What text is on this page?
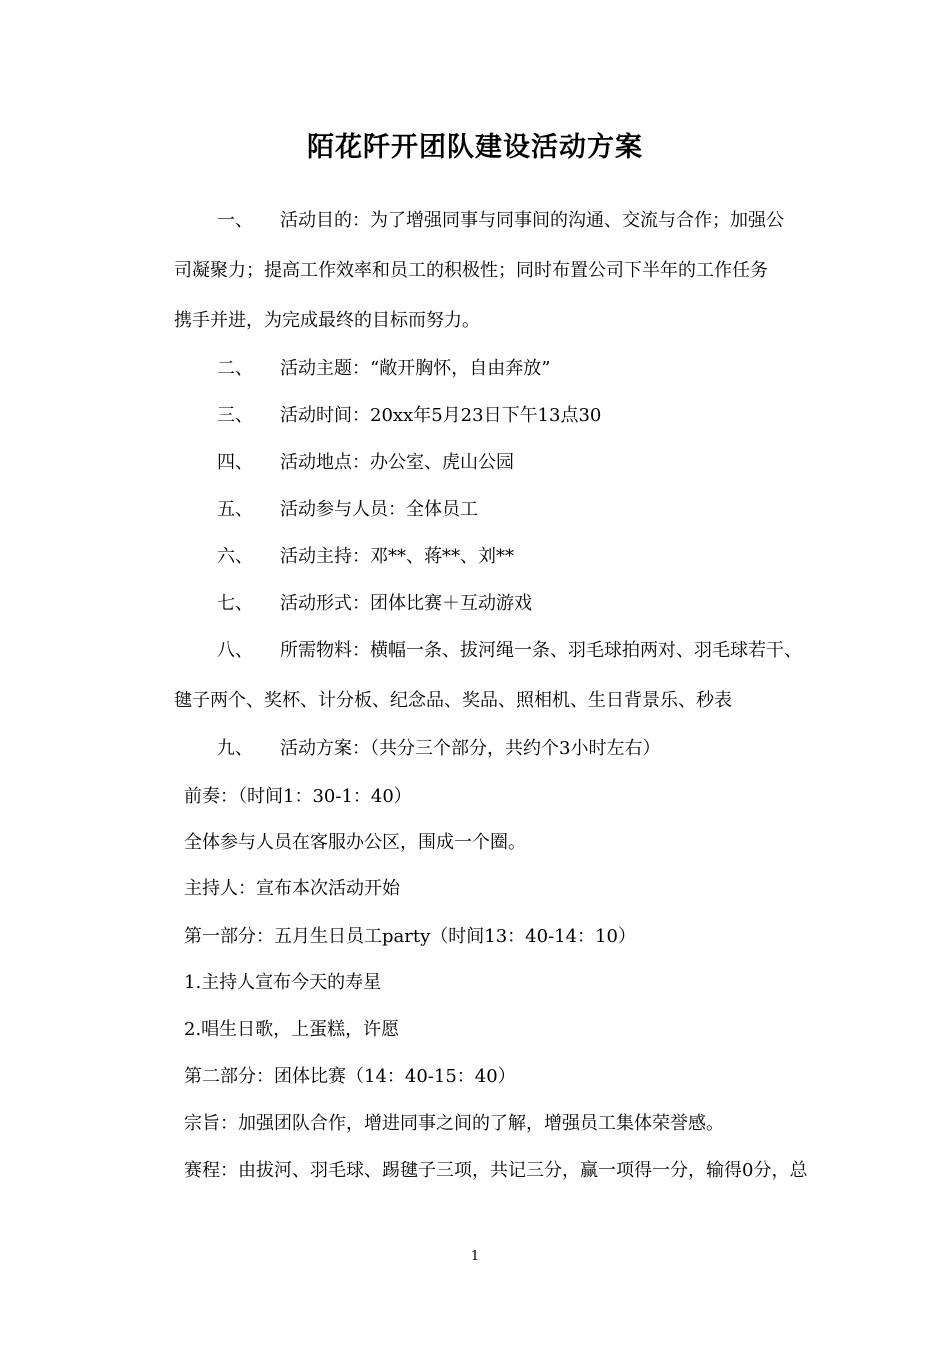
陌花阡开团队建设活动方案
一、 活动目的：为了增强同事与同事间的沟通、交流与合作；加强公
司凝聚力；提高工作效率和员工的积极性；同时布置公司下半年的工作任务
携手并进，为完成最终的目标而努力。
二、 活动主题：“敞开胸怀，自由奔放”
三、 活动时间：20xx年5月23日下午13点30
四、 活动地点：办公室、虎山公园
五、 活动参与人员：全体员工
六、 活动主持：邓**、蒋**、刘**
七、 活动形式：团体比赛＋互动游戏
八、 所需物料：横幅一条、拔河绳一条、羽毛球拍两对、羽毛球若干、
毽子两个、奖杯、计分板、纪念品、奖品、照相机、生日背景乐、秒表
九、 活动方案：（共分三个部分，共约个3小时左右）
前奏：（时间1：30-1：40）
全体参与人员在客服办公区，围成一个圈。
主持人：宣布本次活动开始
第一部分：五月生日员工party（时间13：40-14：10）
1.主持人宣布今天的寿星
2.唱生日歌，上蛋糕，许愿
第二部分：团体比赛（14：40-15：40）
宗旨：加强团队合作，增进同事之间的了解，增强员工集体荣誉感。
赛程：由拔河、羽毛球、踢毽子三项，共记三分，赢一项得一分，输得0分，总
1
